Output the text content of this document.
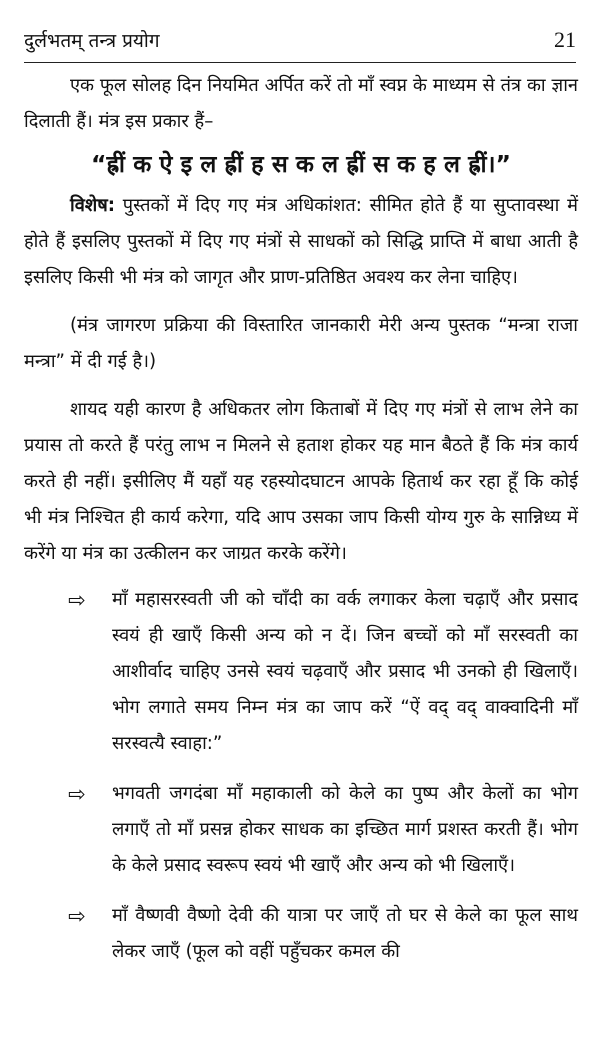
दुर्लभतम् तन्त्र प्रयोग	21

एक फूल सोलह दिन नियमित अर्पित करें तो माँ स्वप्न के माध्यम से तंत्र का ज्ञान दिलाती हैं। मंत्र इस प्रकार हैं–

“ह्रीं क ऐ इ ल ह्रीं ह स क ल ह्रीं स क ह ल ह्रीं।”

विशेष: पुस्तकों में दिए गए मंत्र अधिकांशत: सीमित होते हैं या सुप्तावस्था में होते हैं इसलिए पुस्तकों में दिए गए मंत्रों से साधकों को सिद्धि प्राप्ति में बाधा आती है इसलिए किसी भी मंत्र को जागृत और प्राण-प्रतिष्ठित अवश्य कर लेना चाहिए।

(मंत्र जागरण प्रक्रिया की विस्तारित जानकारी मेरी अन्य पुस्तक “मन्त्रा राजा मन्त्रा” में दी गई है।)

शायद यही कारण है अधिकतर लोग किताबों में दिए गए मंत्रों से लाभ लेने का प्रयास तो करते हैं परंतु लाभ न मिलने से हताश होकर यह मान बैठते हैं कि मंत्र कार्य करते ही नहीं। इसीलिए मैं यहाँ यह रहस्योदघाटन आपके हितार्थ कर रहा हूँ कि कोई भी मंत्र निश्चित ही कार्य करेगा, यदि आप उसका जाप किसी योग्य गुरु के सान्निध्य में करेंगे या मंत्र का उत्कीलन कर जाग्रत करके करेंगे।

⇨	माँ महासरस्वती जी को चाँदी का वर्क लगाकर केला चढ़ाएँ और प्रसाद स्वयं ही खाएँ किसी अन्य को न दें। जिन बच्चों को माँ सरस्वती का आशीर्वाद चाहिए उनसे स्वयं चढ़वाएँ और प्रसाद भी उनको ही खिलाएँ। भोग लगाते समय निम्न मंत्र का जाप करें “ऐं वद् वद् वाक्वादिनी माँ सरस्वत्यै स्वाहा:”
⇨	भगवती जगदंबा माँ महाकाली को केले का पुष्प और केलों का भोग लगाएँ तो माँ प्रसन्न होकर साधक का इच्छित मार्ग प्रशस्त करती हैं। भोग के केले प्रसाद स्वरूप स्वयं भी खाएँ और अन्य को भी खिलाएँ।
⇨	माँ वैष्णवी वैष्णो देवी की यात्रा पर जाएँ तो घर से केले का फूल साथ लेकर जाएँ (फूल को वहीं पहुँचकर कमल की
